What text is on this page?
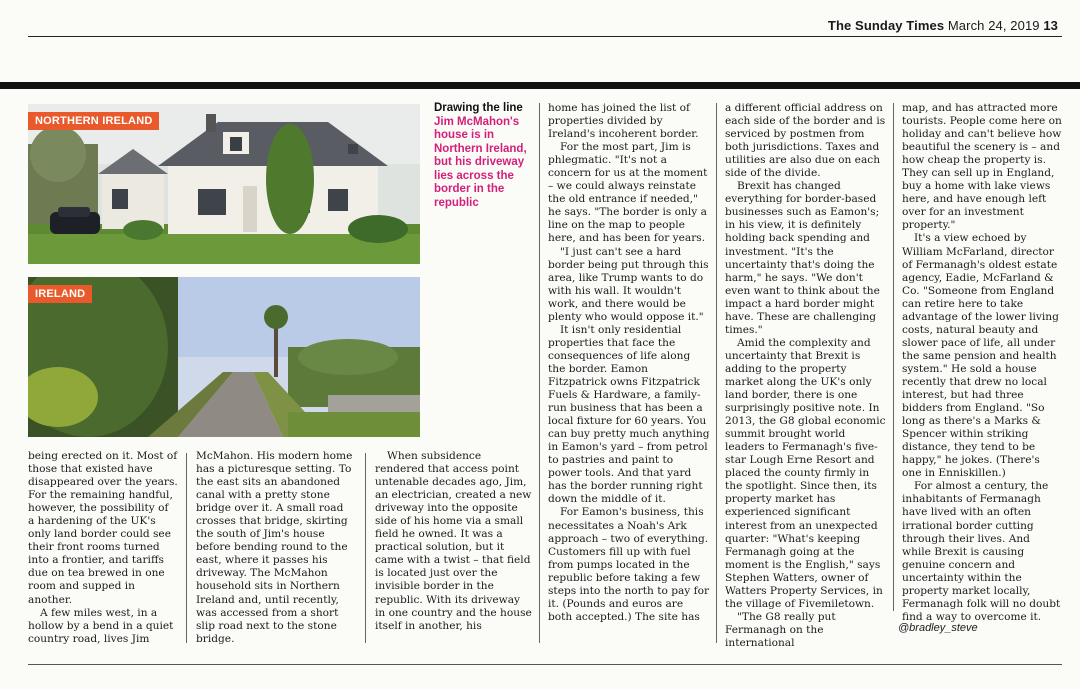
The Sunday Times March 24, 2019 13
NORTHERN IRELAND
IRELAND
Drawing the line
Jim McMahon's house is in Northern Ireland, but his driveway lies across the border in the republic

being erected on it. Most of those that existed have disappeared over the years. For the remaining handful, however, the possibility of a hardening of the UK's only land border could see their front rooms turned into a frontier, and tariffs due on tea brewed in one room and supped in another.

A few miles west, in a hollow by a bend in a quiet country road, lives Jim

McMahon. His modern home has a picturesque setting. To the east sits an abandoned canal with a pretty stone bridge over it. A small road crosses that bridge, skirting the south of Jim's house before bending round to the east, where it passes his driveway. The McMahon household sits in Northern Ireland and, until recently, was accessed from a short slip road next to the stone bridge.

When subsidence rendered that access point untenable decades ago, Jim, an electrician, created a new driveway into the opposite side of his home via a small field he owned. It was a practical solution, but it came with a twist – that field is located just over the invisible border in the republic. With its driveway in one country and the house itself in another, his

home has joined the list of properties divided by Ireland's incoherent border.

For the most part, Jim is phlegmatic. "It's not a concern for us at the moment – we could always reinstate the old entrance if needed," he says. "The border is only a line on the map to people here, and has been for years.

"I just can't see a hard border being put through this area, like Trump wants to do with his wall. It wouldn't work, and there would be plenty who would oppose it."

It isn't only residential properties that face the consequences of life along the border. Eamon Fitzpatrick owns Fitzpatrick Fuels & Hardware, a family-run business that has been a local fixture for 60 years. You can buy pretty much anything in Eamon's yard – from petrol to pastries and paint to power tools. And that yard has the border running right down the middle of it.

For Eamon's business, this necessitates a Noah's Ark approach – two of everything. Customers fill up with fuel from pumps located in the republic before taking a few steps into the north to pay for it. (Pounds and euros are both accepted.) The site has

a different official address on each side of the border and is serviced by postmen from both jurisdictions. Taxes and utilities are also due on each side of the divide.

Brexit has changed everything for border-based businesses such as Eamon's; in his view, it is definitely holding back spending and investment. "It's the uncertainty that's doing the harm," he says. "We don't even want to think about the impact a hard border might have. These are challenging times."

Amid the complexity and uncertainty that Brexit is adding to the property market along the UK's only land border, there is one surprisingly positive note. In 2013, the G8 global economic summit brought world leaders to Fermanagh's five-star Lough Erne Resort and placed the county firmly in the spotlight. Since then, its property market has experienced significant interest from an unexpected quarter: "What's keeping Fermanagh going at the moment is the English," says Stephen Watters, owner of Watters Property Services, in the village of Fivemiletown.

"The G8 really put Fermanagh on the international

map, and has attracted more tourists. People come here on holiday and can't believe how beautiful the scenery is – and how cheap the property is. They can sell up in England, buy a home with lake views here, and have enough left over for an investment property."

It's a view echoed by William McFarland, director of Fermanagh's oldest estate agency, Eadie, McFarland & Co. "Someone from England can retire here to take advantage of the lower living costs, natural beauty and slower pace of life, all under the same pension and health system." He sold a house recently that drew no local interest, but had three bidders from England. "So long as there's a Marks & Spencer within striking distance, they tend to be happy," he jokes. (There's one in Enniskillen.)

For almost a century, the inhabitants of Fermanagh have lived with an often irrational border cutting through their lives. And while Brexit is causing genuine concern and uncertainty within the property market locally, Fermanagh folk will no doubt find a way to overcome it.

@bradley_steve
